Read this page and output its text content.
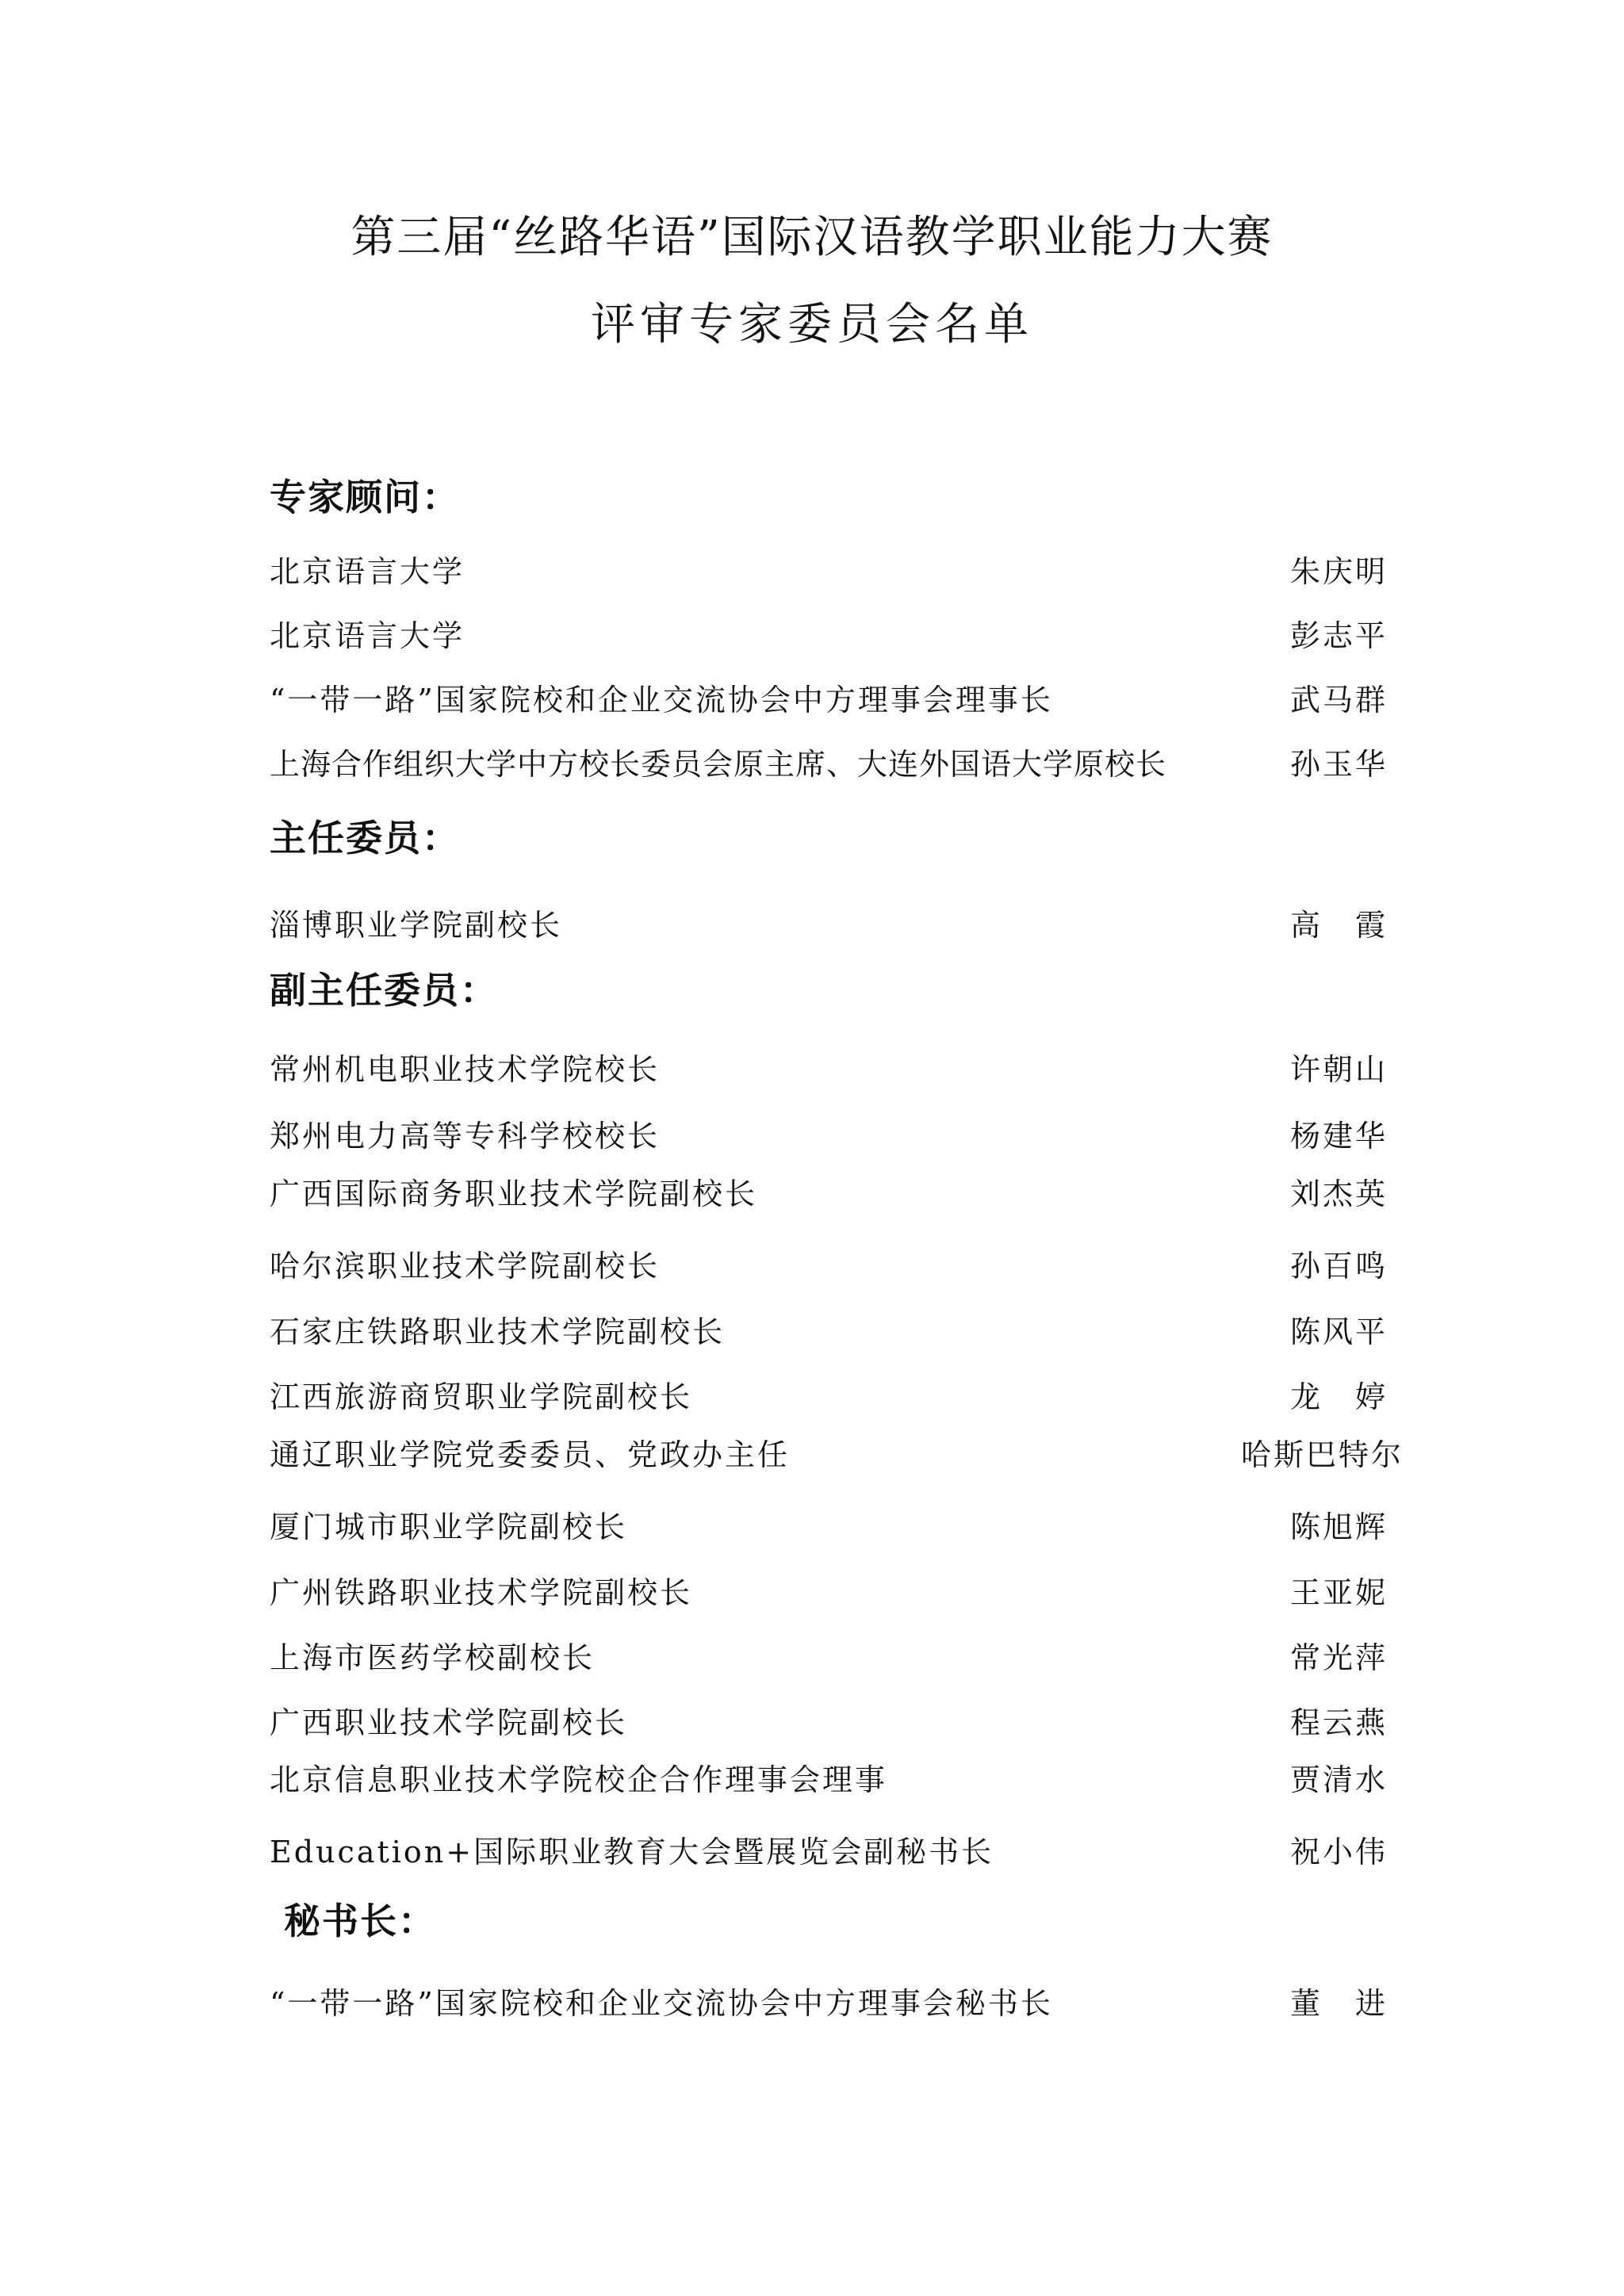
第三届“丝路华语”国际汉语教学职业能力大赛
评审专家委员会名单
专家顾问：
北京语言大学	朱庆明
北京语言大学	彭志平
“一带一路”国家院校和企业交流协会中方理事会理事长	武马群
上海合作组织大学中方校长委员会原主席、大连外国语大学原校长	孙玉华
主任委员：
淄博职业学院副校长	高　霞
副主任委员：
常州机电职业技术学院校长	许朝山
郑州电力高等专科学校校长	杨建华
广西国际商务职业技术学院副校长	刘杰英
哈尔滨职业技术学院副校长	孙百鸣
石家庄铁路职业技术学院副校长	陈风平
江西旅游商贸职业学院副校长	龙　婷
通辽职业学院党委委员、党政办主任	哈斯巴特尔
厦门城市职业学院副校长	陈旭辉
广州铁路职业技术学院副校长	王亚妮
上海市医药学校副校长	常光萍
广西职业技术学院副校长	程云燕
北京信息职业技术学院校企合作理事会理事	贾清水
Education+国际职业教育大会暨展览会副秘书长	祝小伟
秘书长：
“一带一路”国家院校和企业交流协会中方理事会秘书长	董　进
